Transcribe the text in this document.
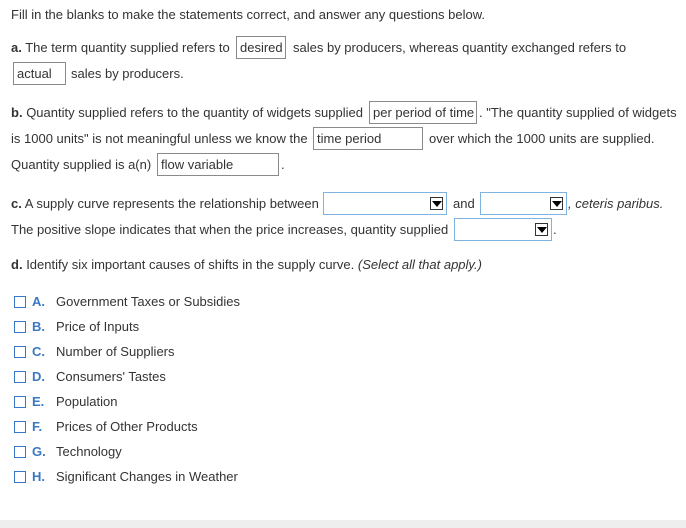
Fill in the blanks to make the statements correct, and answer any questions below.
a. The term quantity supplied refers to desired sales by producers, whereas quantity exchanged refers to
actual	sales by producers.
b. Quantity supplied refers to the quantity of widgets supplied per period of time . "The quantity supplied of widgets
is 1000 units" is not meaningful unless we know the time period	over which the 1000 units are supplied.
Quantity supplied is a(n) flow variable	.
c. A supply curve represents the relationship between	and	, ceteris paribus.
The positive slope indicates that when the price increases, quantity supplied	.
d. Identify six important causes of shifts in the supply curve. (Select all that apply.)
A. Government Taxes or Subsidies
B. Price of Inputs
C. Number of Suppliers
D. Consumers' Tastes
E. Population
F. Prices of Other Products
G. Technology
H. Significant Changes in Weather
